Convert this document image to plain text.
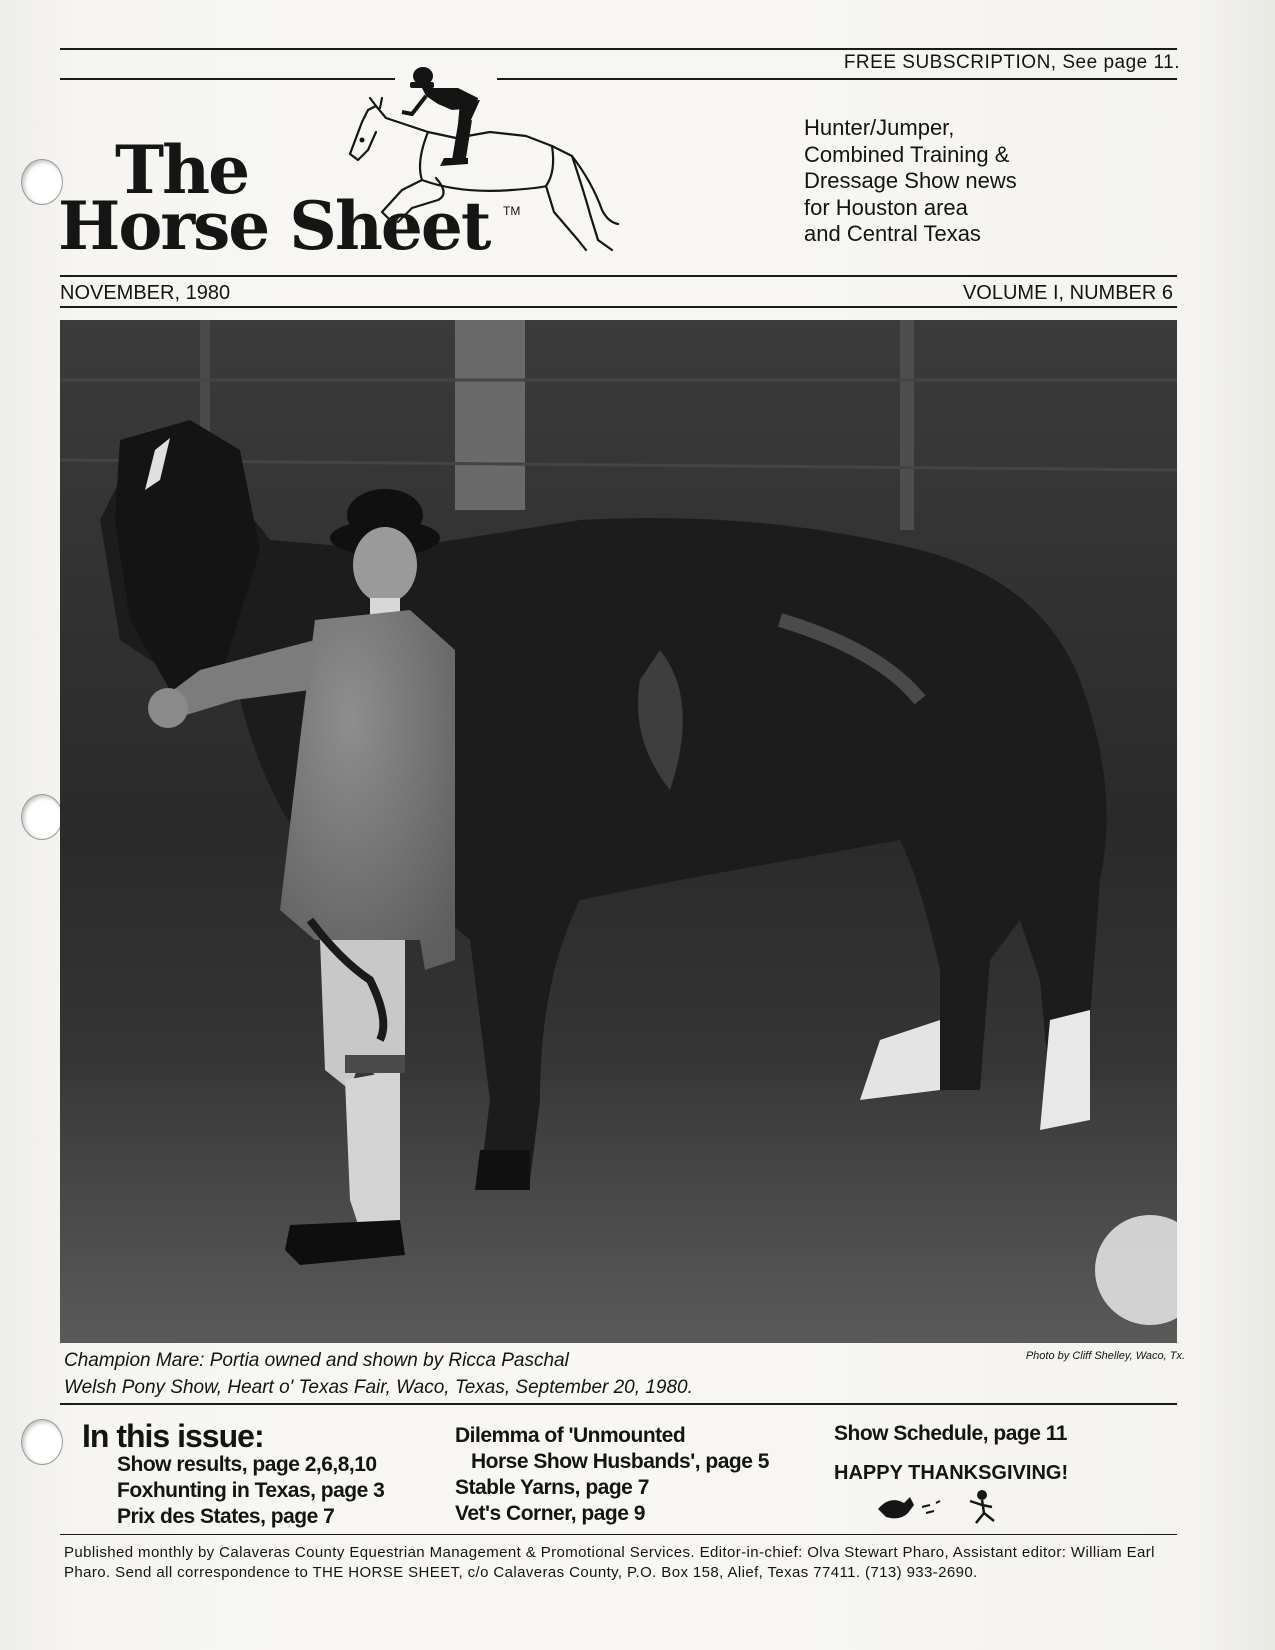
FREE SUBSCRIPTION, See page 11.
The
Horse Sheet TM
Hunter/Jumper,
Combined Training &
Dressage Show news
for Houston area
and Central Texas
NOVEMBER, 1980	VOLUME I, NUMBER 6
Champion Mare: Portia owned and shown by Ricca Paschal
Welsh Pony Show, Heart o' Texas Fair, Waco, Texas, September 20, 1980.
Photo by Cliff Shelley, Waco, Tx.
In this issue:
Show results, page 2,6,8,10
Foxhunting in Texas, page 3
Prix des States, page 7
Dilemma of 'Unmounted
Horse Show Husbands', page 5
Stable Yarns, page 7
Vet's Corner, page 9
Show Schedule, page 11
HAPPY THANKSGIVING!
Published monthly by Calaveras County Equestrian Management & Promotional Services. Editor-in-chief: Olva Stewart Pharo, Assistant editor: William Earl Pharo. Send all correspondence to THE HORSE SHEET, c/o Calaveras County, P.O. Box 158, Alief, Texas 77411. (713) 933-2690.
